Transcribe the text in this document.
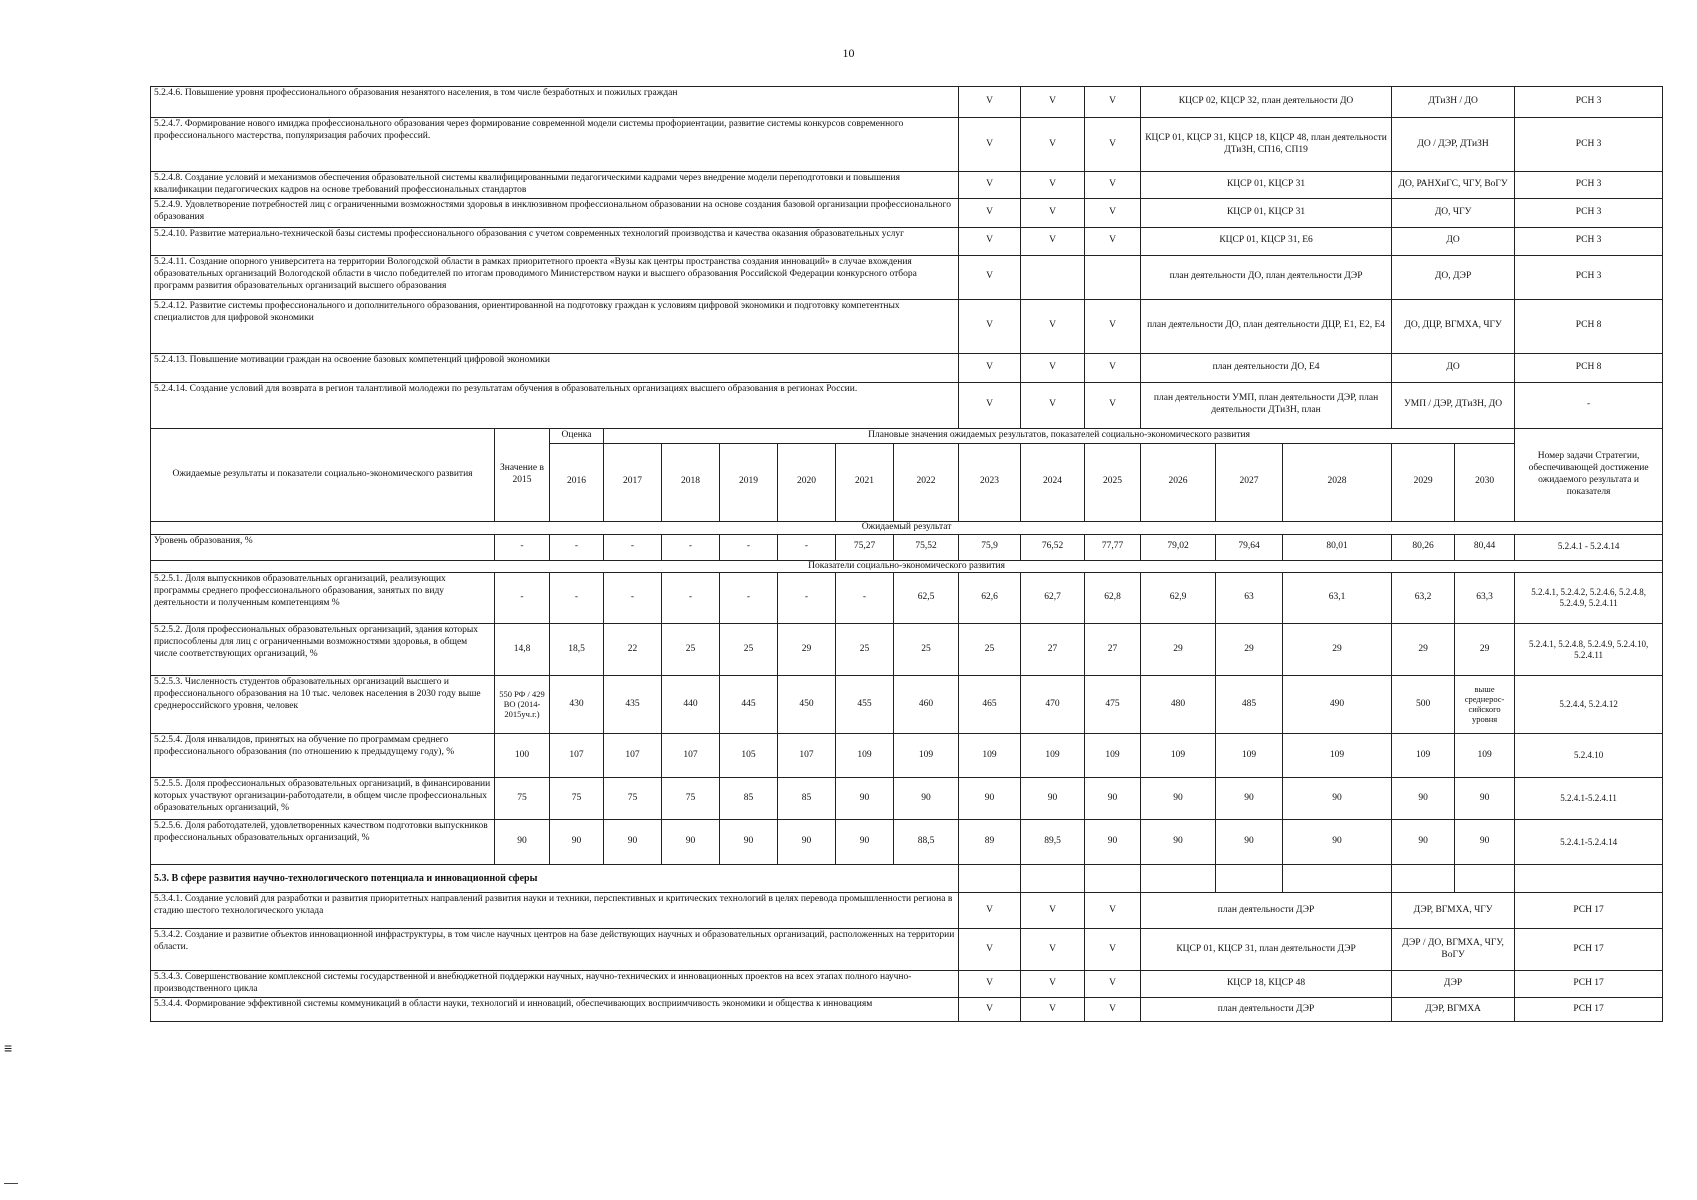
10
≡
5.2.4.6. Повышение уровня профессионального образования незанятого населения, в том числе безработных и пожилых граждан									V	V	V	КЦСР 02, КЦСР 32, план деятельности ДО			ДТиЗН / ДО		РСН 3
5.2.4.7. Формирование нового имиджа профессионального образования через формирование современной модели системы профориентации, развитие системы конкурсов современного профессионального мастерства, популяризация рабочих профессий.									V	V	V	КЦСР 01, КЦСР 31, КЦСР 18, КЦСР 48, план деятельности ДТиЗН, СП16, СП19			ДО / ДЭР, ДТиЗН		РСН 3
5.2.4.8. Создание условий и механизмов обеспечения образовательной системы квалифицированными педагогическими кадрами через внедрение модели переподготовки и повышения квалификации педагогических кадров на основе требований профессиональных стандартов									V	V	V	КЦСР 01, КЦСР 31			ДО, РАНХиГС, ЧГУ, ВоГУ		РСН 3
5.2.4.9. Удовлетворение потребностей лиц с ограниченными возможностями здоровья в инклюзивном профессиональном образовании на основе создания базовой организации профессионального образования									V	V	V	КЦСР 01, КЦСР 31			ДО, ЧГУ		РСН 3
5.2.4.10. Развитие материально-технической базы системы профессионального образования с учетом современных технологий производства и качества оказания образовательных услуг									V	V	V	КЦСР 01, КЦСР 31, Е6			ДО		РСН 3
5.2.4.11. Создание опорного университета на территории Вологодской области в рамках приоритетного проекта «Вузы как центры пространства создания инноваций» в случае вхождения образовательных организаций Вологодской области в число победителей по итогам проводимого Министерством науки и высшего образования Российской Федерации конкурсного отбора программ развития образовательных организаций высшего образования									V			план деятельности ДО, план деятельности ДЭР			ДО, ДЭР		РСН 3
5.2.4.12. Развитие системы профессионального и дополнительного образования, ориентированной на подготовку граждан к условиям цифровой экономики и подготовку компетентных специалистов для цифровой экономики									V	V	V	план деятельности ДО, план деятельности ДЦР, Е1, Е2, Е4			ДО, ДЦР, ВГМХА, ЧГУ		РСН 8
5.2.4.13. Повышение мотивации граждан на освоение базовых компетенций цифровой экономики									V	V	V	план деятельности ДО, Е4			ДО		РСН 8
5.2.4.14. Создание условий для возврата в регион талантливой молодежи по результатам обучения в образовательных организациях высшего образования в регионах России.									V	V	V	план деятельности УМП, план деятельности ДЭР, план деятельности ДТиЗН, план			УМП / ДЭР, ДТиЗН, ДО		-
Ожидаемые результаты и показатели социально-экономического развития	Значение в 2015	Оценка	Плановые значения ожидаемых результатов, показателей социально-экономического развития														Номер задачи Стратегии, обеспечивающей достижение ожидаемого результата и показателя
		2016	2017	2018	2019	2020	2021	2022	2023	2024	2025	2026	2027	2028	2029	2030	
Ожидаемый результат																	
Уровень образования, %	-	-	-	-	-	-	75,27	75,52	75,9	76,52	77,77	79,02	79,64	80,01	80,26	80,44	5.2.4.1 - 5.2.4.14
Показатели социально-экономического развития																	
5.2.5.1. Доля выпускников образовательных организаций, реализующих программы среднего профессионального образования, занятых по виду деятельности и полученным компетенциям %	-	-	-	-	-	-	-	62,5	62,6	62,7	62,8	62,9	63	63,1	63,2	63,3	5.2.4.1, 5.2.4.2, 5.2.4.6, 5.2.4.8, 5.2.4.9, 5.2.4.11
5.2.5.2. Доля профессиональных образовательных организаций, здания которых приспособлены для лиц с ограниченными возможностями здоровья, в общем числе соответствующих организаций, %	14,8	18,5	22	25	25	29	25	25	25	27	27	29	29	29	29	29	5.2.4.1, 5.2.4.8, 5.2.4.9, 5.2.4.10, 5.2.4.11
5.2.5.3. Численность студентов образовательных организаций высшего и профессионального образования на 10 тыс. человек населения в 2030 году выше среднероссийского уровня, человек	550 РФ / 429 ВО (2014-2015уч.г.)	430	435	440	445	450	455	460	465	470	475	480	485	490	500	выше среднерос-сийского уровня	5.2.4.4, 5.2.4.12
5.2.5.4. Доля инвалидов, принятых на обучение по программам среднего профессионального образования (по отношению к предыдущему году), %	100	107	107	107	105	107	109	109	109	109	109	109	109	109	109	109	5.2.4.10
5.2.5.5. Доля профессиональных образовательных организаций, в финансировании которых участвуют организации-работодатели, в общем числе профессиональных образовательных организаций, %	75	75	75	75	85	85	90	90	90	90	90	90	90	90	90	90	5.2.4.1-5.2.4.11
5.2.5.6. Доля работодателей, удовлетворенных качеством подготовки выпускников профессиональных образовательных организаций, %	90	90	90	90	90	90	90	88,5	89	89,5	90	90	90	90	90	90	5.2.4.1-5.2.4.14
5.3. В сфере развития научно-технологического потенциала и инновационной сферы																	
5.3.4.1. Создание условий для разработки и развития приоритетных направлений развития науки и техники, перспективных и критических технологий в целях перевода промышленности региона в стадию шестого технологического уклада									V	V	V	план деятельности ДЭР			ДЭР, ВГМХА, ЧГУ		РСН 17
5.3.4.2. Создание и развитие объектов инновационной инфраструктуры, в том числе научных центров на базе действующих научных и образовательных организаций, расположенных на территории области.									V	V	V	КЦСР 01, КЦСР 31, план деятельности ДЭР			ДЭР / ДО, ВГМХА, ЧГУ, ВоГУ		РСН 17
5.3.4.3. Совершенствование комплексной системы государственной и внебюджетной поддержки научных, научно-технических и инновационных проектов на всех этапах полного научно-производственного цикла									V	V	V	КЦСР 18, КЦСР 48			ДЭР		РСН 17
5.3.4.4. Формирование эффективной системы коммуникаций в области науки, технологий и инноваций, обеспечивающих восприимчивость экономики и общества к инновациям									V	V	V	план деятельности ДЭР			ДЭР, ВГМХА		РСН 17
